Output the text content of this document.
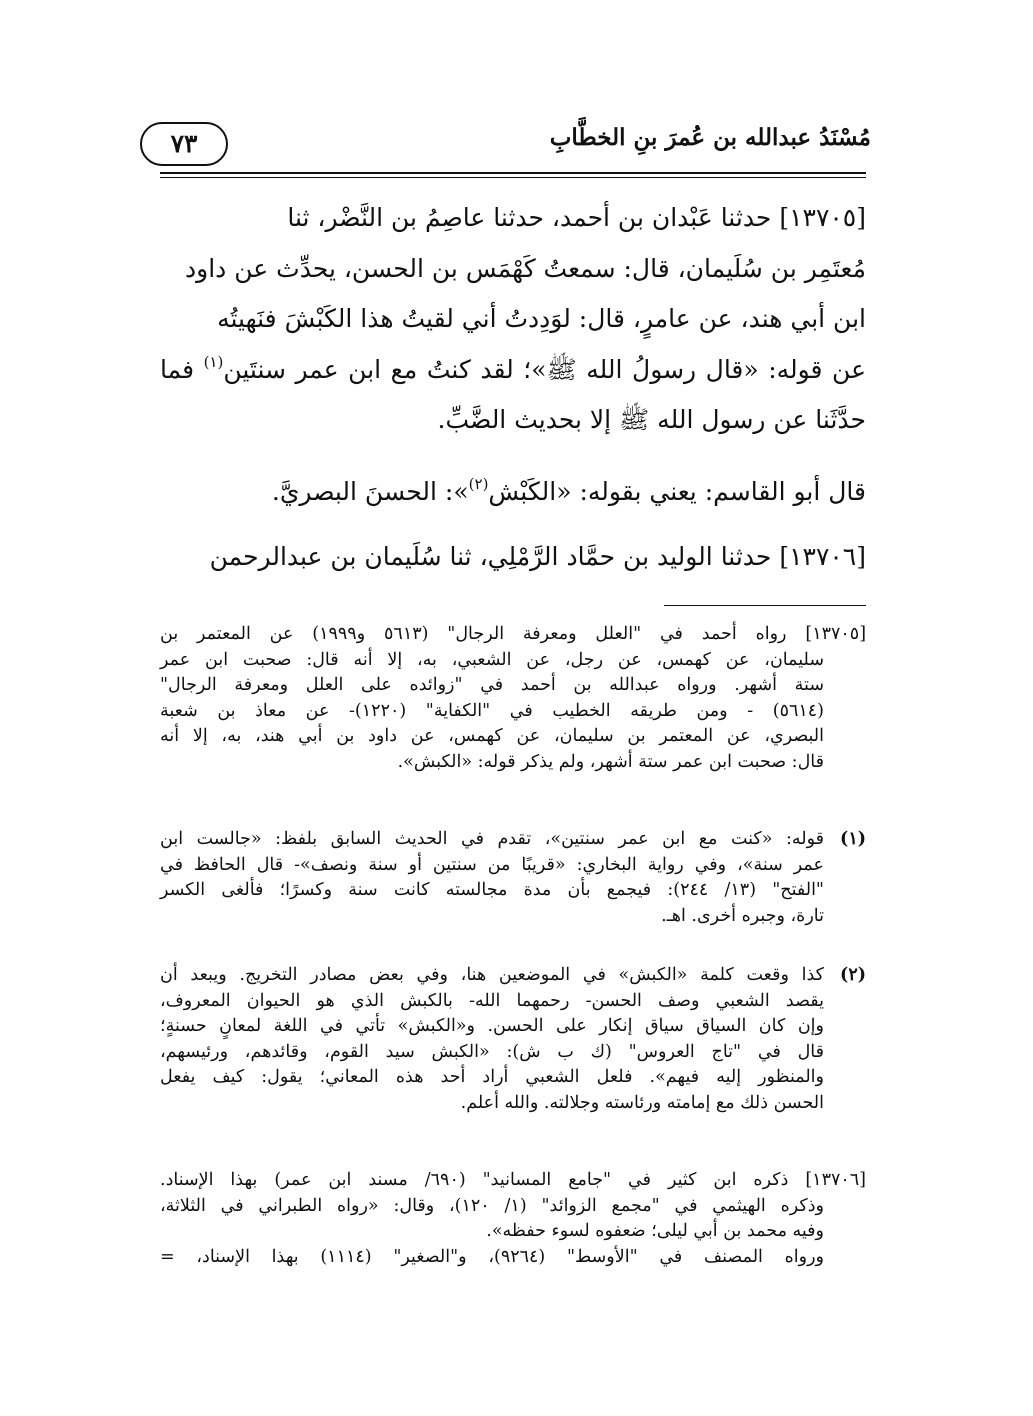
مُسْنَدُ عبدالله بن عُمرَ بنِ الخطَّابِ
٧٣
[١٣٧٠٥] حدثنا عَبْدان بن أحمد، حدثنا عاصِمُ بن النَّضْر، ثنا
مُعتَمِر بن سُلَيمان، قال: سمعتُ كَهْمَس بن الحسن، يحدِّث عن داود
ابن أبي هند، عن عامرٍ، قال: لوَدِدتُ أني لقيتُ هذا الكَبْشَ فنَهيتُه
عن قوله: «قال رسولُ الله ﷺ»؛ لقد كنتُ مع ابن عمر سنتَين$^{(١)}$ فما
حدَّثَنا عن رسول الله ﷺ إلا بحديث الضَّبِّ.
قال أبو القاسم: يعني بقوله: «الكَبْش$^{(٢)}$»: الحسنَ البصريَّ.
[١٣٧٠٦] حدثنا الوليد بن حمَّاد الرَّمْلِي، ثنا سُلَيمان بن عبدالرحمن
[١٣٧٠٥] رواه أحمد في "العلل ومعرفة الرجال" (٥٦١٣ و١٩٩٩) عن المعتمر بن
سليمان، عن كهمس، عن رجل، عن الشعبي، به، إلا أنه قال: صحبت ابن عمر
ستة أشهر. ورواه عبدالله بن أحمد في "زوائده على العلل ومعرفة الرجال"
(٥٦١٤) - ومن طريقه الخطيب في "الكفاية" (١٢٢٠)- عن معاذ بن شعبة
البصري، عن المعتمر بن سليمان، عن كهمس، عن داود بن أبي هند، به، إلا أنه
قال: صحبت ابن عمر ستة أشهر، ولم يذكر قوله: «الكبش».
(١)
قوله: «كنت مع ابن عمر سنتين»، تقدم في الحديث السابق بلفظ: «جالست ابن
عمر سنة»، وفي رواية البخاري: «قريبًا من سنتين أو سنة ونصف»- قال الحافظ في
"الفتح" (١٣/ ٢٤٤): فيجمع بأن مدة مجالسته كانت سنة وكسرًا؛ فألغى الكسر
تارة، وجبره أخرى. اهـ.
(٢)
كذا وقعت كلمة «الكبش» في الموضعين هنا، وفي بعض مصادر التخريج. ويبعد أن
يقصد الشعبي وصف الحسن- رحمهما الله- بالكبش الذي هو الحيوان المعروف،
وإن كان السياق سياق إنكار على الحسن. و«الكبش» تأتي في اللغة لمعانٍ حسنةٍ؛
قال في "تاج العروس" (ك ب ش): «الكبش سيد القوم، وقائدهم، ورئيسهم،
والمنظور إليه فيهم». فلعل الشعبي أراد أحد هذه المعاني؛ يقول: كيف يفعل
الحسن ذلك مع إمامته ورئاسته وجلالته. والله أعلم.
[١٣٧٠٦] ذكره ابن كثير في "جامع المسانيد" (٦٩٠/ مسند ابن عمر) بهذا الإسناد.
وذكره الهيثمي في "مجمع الزوائد" (١/ ١٢٠)، وقال: «رواه الطبراني في الثلاثة،
وفيه محمد بن أبي ليلى؛ ضعفوه لسوء حفظه».
ورواه المصنف في "الأوسط" (٩٢٦٤)، و"الصغير" (١١١٤) بهذا الإسناد، =
